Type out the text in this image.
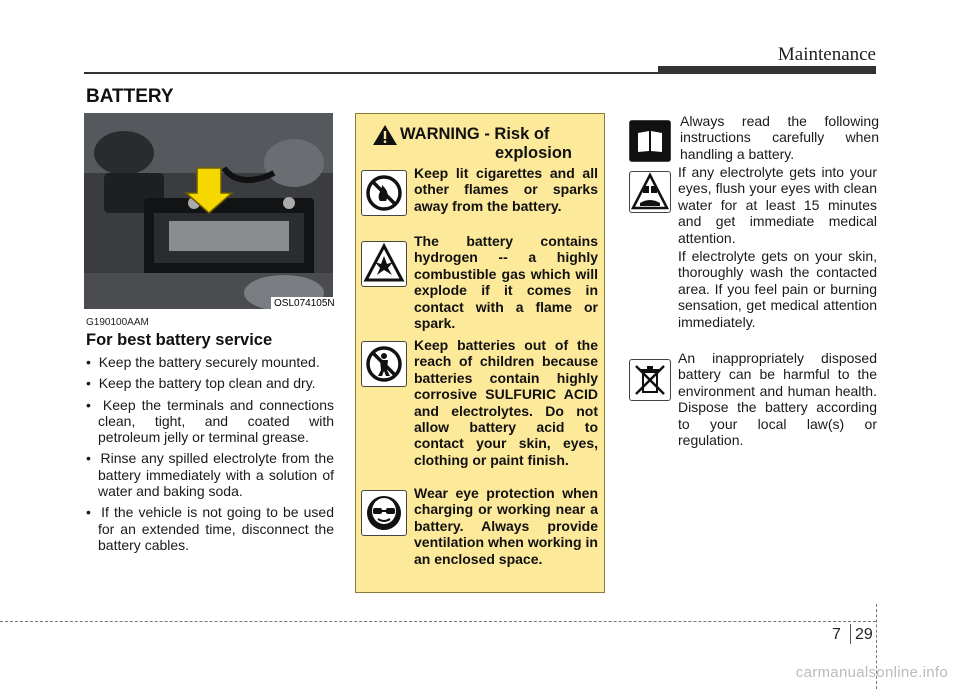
Maintenance
BATTERY
OSL074105N
G190100AAM
For best battery service
•  Keep the battery securely mounted.
•  Keep the battery top clean and dry.
•  Keep the terminals and connections clean, tight, and coated with petroleum jelly or terminal grease.
•  Rinse any spilled electrolyte from the battery immediately with a solution of water and baking soda.
•  If the vehicle is not going to be used for an extended time, disconnect the battery cables.
WARNING - Risk of
explosion
Keep lit cigarettes and all other flames or sparks away from the battery.
The battery contains hydrogen -- a highly combustible gas which will explode if it comes in contact with a flame or spark.
Keep batteries out of the reach of children because batteries contain highly corrosive SULFURIC ACID and electrolytes. Do not allow battery acid to contact your skin, eyes, clothing or paint finish.
Wear eye protection when charging or working near a battery. Always provide ventilation when working in an enclosed space.
Always read the following instructions carefully when handling a battery.
If any electrolyte gets into your eyes, flush your eyes with clean water for at least 15 minutes and get immediate medical attention.
If electrolyte gets on your skin, thoroughly wash the contacted area. If you feel pain or burning sensation, get medical attention immediately.
An inappropriately disposed battery can be harmful to the environment and human health. Dispose the battery according to your local law(s) or regulation.
7 29
carmanualsonline.info
